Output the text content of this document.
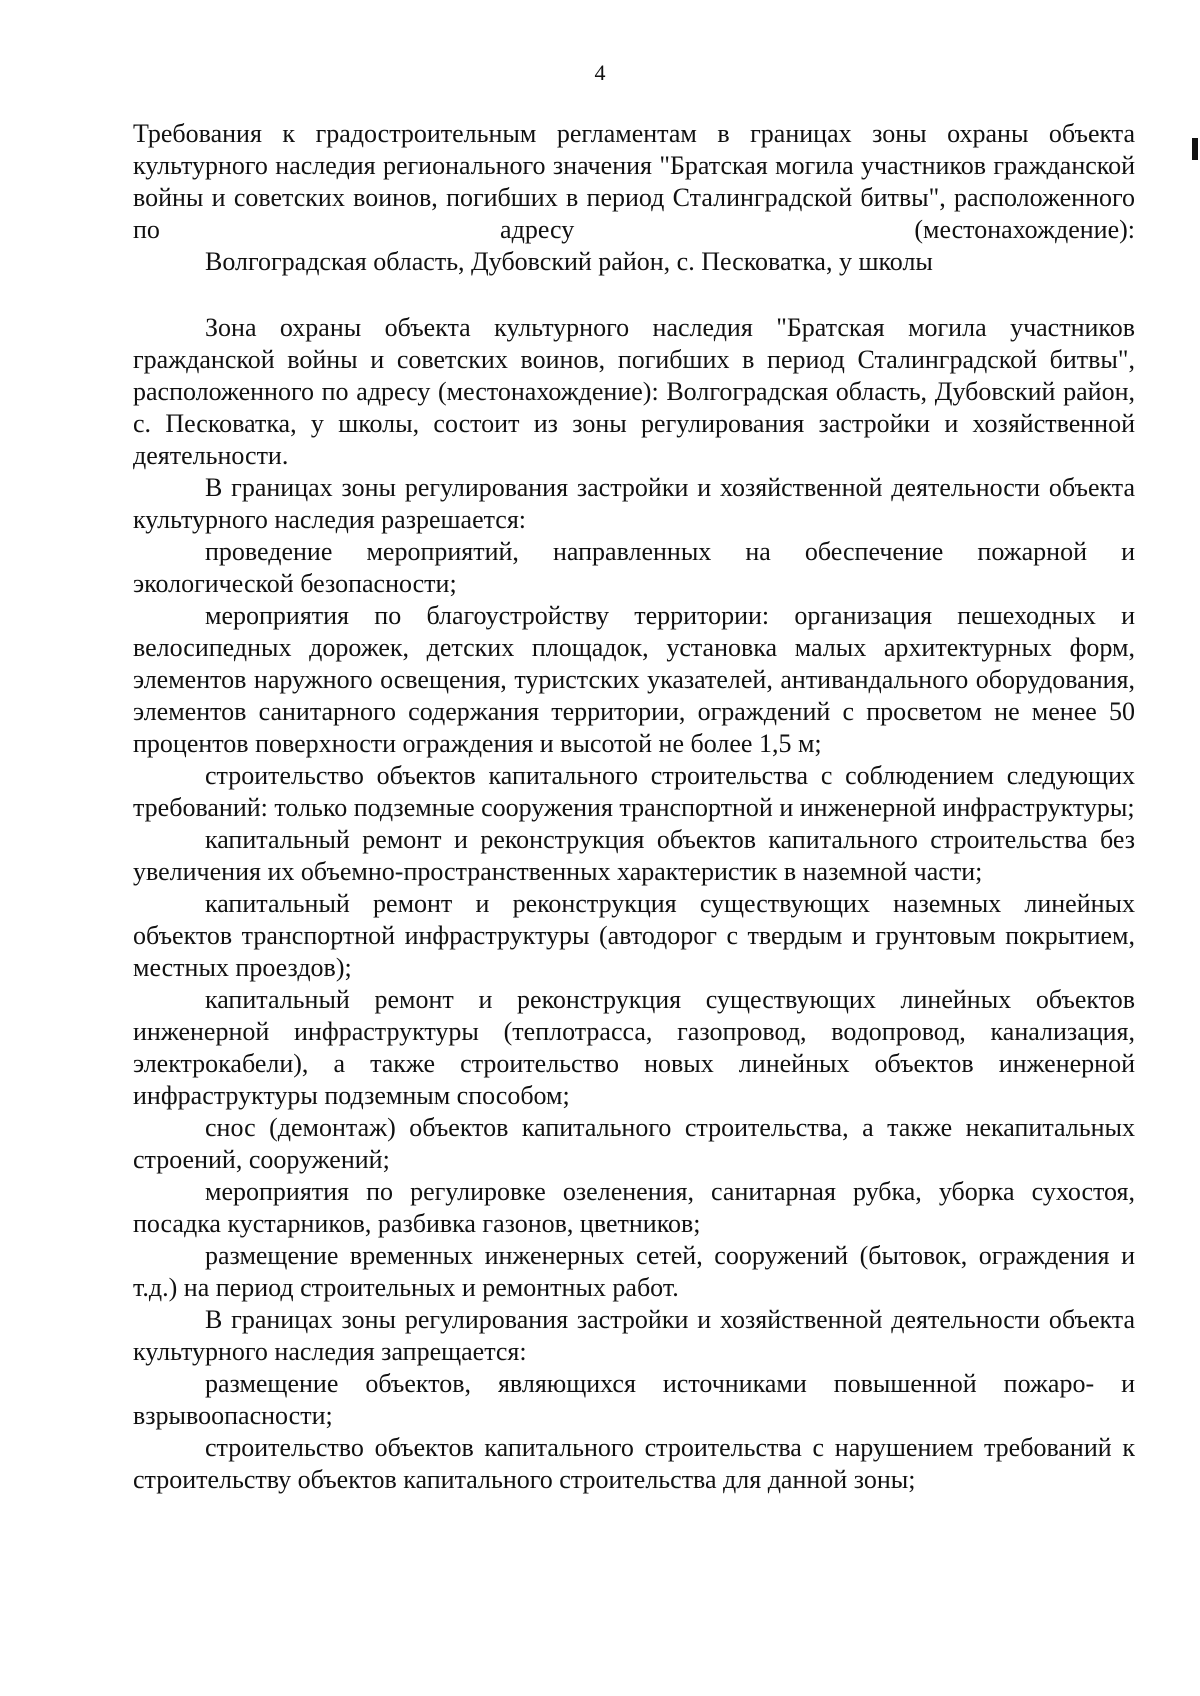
4
Требования к градостроительным регламентам в границах зоны охраны объекта культурного наследия регионального значения "Братская могила участников гражданской войны и советских воинов, погибших в период Сталинградской битвы", расположенного по адресу (местонахождение):
Волгоградская область, Дубовский район, с. Песковатка, у школы

Зона охраны объекта культурного наследия "Братская могила участников гражданской войны и советских воинов, погибших в период Сталинградской битвы", расположенного по адресу (местонахождение): Волгоградская область, Дубовский район, с. Песковатка, у школы, состоит из зоны регулирования застройки и хозяйственной деятельности.

В границах зоны регулирования застройки и хозяйственной деятельности объекта культурного наследия разрешается:

проведение мероприятий, направленных на обеспечение пожарной и экологической безопасности;

мероприятия по благоустройству территории: организация пешеходных и велосипедных дорожек, детских площадок, установка малых архитектурных форм, элементов наружного освещения, туристских указателей, антивандального оборудования, элементов санитарного содержания территории, ограждений с просветом не менее 50 процентов поверхности ограждения и высотой не более 1,5 м;

строительство объектов капитального строительства с соблюдением следующих требований: только подземные сооружения транспортной и инженерной инфраструктуры;

капитальный ремонт и реконструкция объектов капитального строительства без увеличения их объемно-пространственных характеристик в наземной части;

капитальный ремонт и реконструкция существующих наземных линейных объектов транспортной инфраструктуры (автодорог с твердым и грунтовым покрытием, местных проездов);

капитальный ремонт и реконструкция существующих линейных объектов инженерной инфраструктуры (теплотрасса, газопровод, водопровод, канализация, электрокабели), а также строительство новых линейных объектов инженерной инфраструктуры подземным способом;

снос (демонтаж) объектов капитального строительства, а также некапитальных строений, сооружений;

мероприятия по регулировке озеленения, санитарная рубка, уборка сухостоя, посадка кустарников, разбивка газонов, цветников;

размещение временных инженерных сетей, сооружений (бытовок, ограждения и т.д.) на период строительных и ремонтных работ.

В границах зоны регулирования застройки и хозяйственной деятельности объекта культурного наследия запрещается:

размещение объектов, являющихся источниками повышенной пожаро- и взрывоопасности;

строительство объектов капитального строительства с нарушением требований к строительству объектов капитального строительства для данной зоны;
